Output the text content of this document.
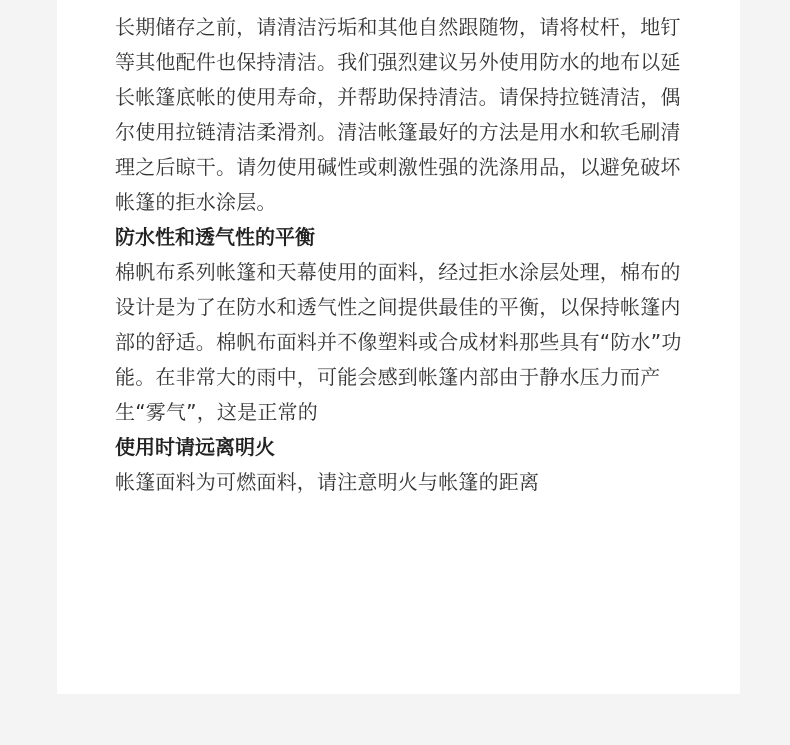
长期储存之前，请清洁污垢和其他自然跟随物，请将杖杆，地钉等其他配件也保持清洁。我们强烈建议另外使用防水的地布以延长帐篷底帐的使用寿命，并帮助保持清洁。请保持拉链清洁，偶尔使用拉链清洁柔滑剂。清洁帐篷最好的方法是用水和软毛刷清理之后晾干。请勿使用碱性或刺激性强的洗涤用品，以避免破坏帐篷的拒水涂层。

防水性和透气性的平衡

棉帆布系列帐篷和天幕使用的面料，经过拒水涂层处理，棉布的设计是为了在防水和透气性之间提供最佳的平衡，以保持帐篷内部的舒适。棉帆布面料并不像塑料或合成材料那些具有“防水”功能。在非常大的雨中，可能会感到帐篷内部由于静水压力而产生“雾气”，这是正常的

使用时请远离明火

帐篷面料为可燃面料，请注意明火与帐篷的距离
